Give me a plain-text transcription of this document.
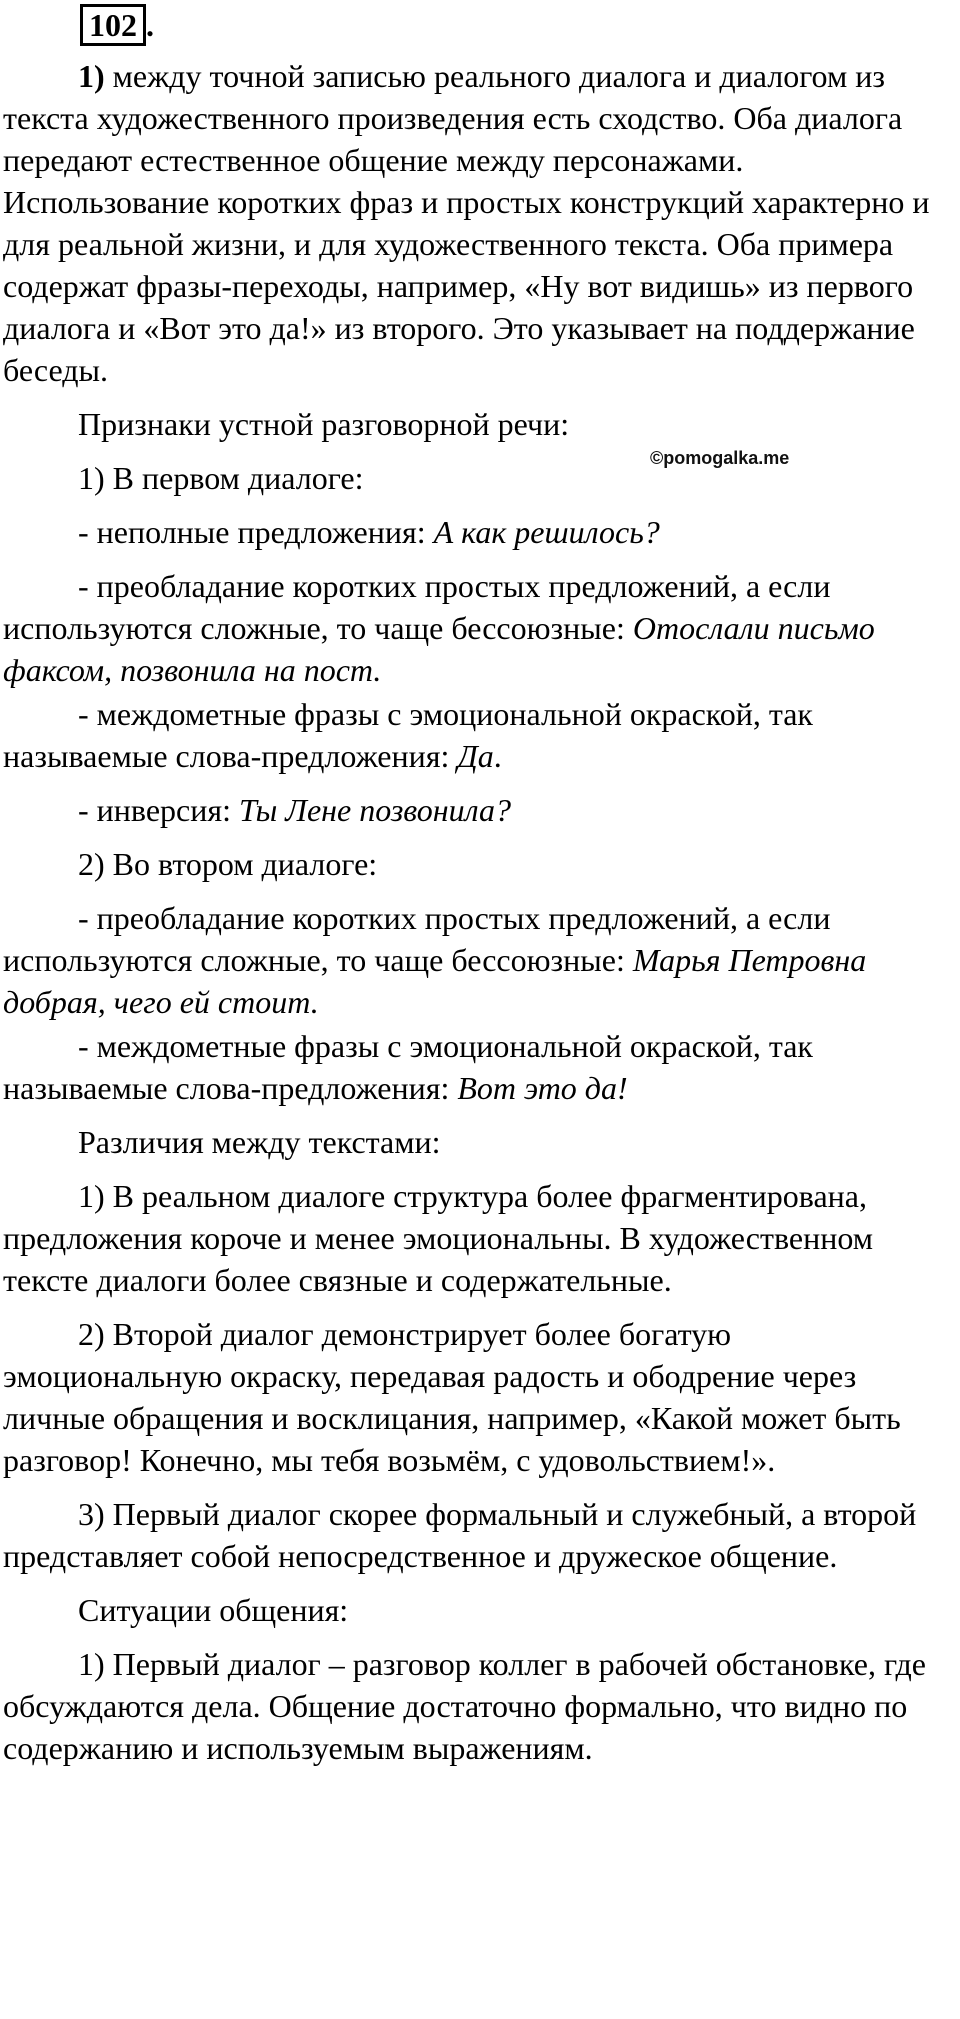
102 .
©pomogalka.me

1) между точной записью реального диалога и диалогом из текста художественного произведения есть сходство. Оба диалога передают естественное общение между персонажами. Использование коротких фраз и простых конструкций характерно и для реальной жизни, и для художественного текста. Оба примера содержат фразы-переходы, например, «Ну вот видишь» из первого диалога и «Вот это да!» из второго. Это указывает на поддержание беседы.

Признаки устной разговорной речи:

1) В первом диалоге:

- неполные предложения: А как решилось?

- преобладание коротких простых предложений, а если используются сложные, то чаще бессоюзные: Отослали письмо факсом, позвонила на пост.

- междометные фразы с эмоциональной окраской, так называемые слова-предложения: Да.

- инверсия: Ты Лене позвонила?

2) Во втором диалоге:

- преобладание коротких простых предложений, а если используются сложные, то чаще бессоюзные: Марья Петровна добрая, чего ей стоит.

- междометные фразы с эмоциональной окраской, так называемые слова-предложения: Вот это да!

Различия между текстами:

1) В реальном диалоге структура более фрагментирована, предложения короче и менее эмоциональны. В художественном тексте диалоги более связные и содержательные.

2) Второй диалог демонстрирует более богатую эмоциональную окраску, передавая радость и ободрение через личные обращения и восклицания, например, «Какой может быть разговор! Конечно, мы тебя возьмём, с удовольствием!».

3) Первый диалог скорее формальный и служебный, а второй представляет собой непосредственное и дружеское общение.

Ситуации общения:

1) Первый диалог – разговор коллег в рабочей обстановке, где обсуждаются дела. Общение достаточно формально, что видно по содержанию и используемым выражениям.
